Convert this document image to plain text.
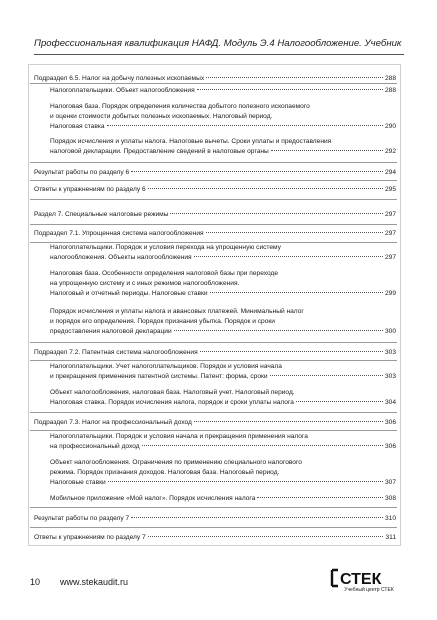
Профессиональная квалификация НАФД. Модуль Э.4 Налогообложение. Учебник
Подраздел 6.5. Налог на добычу полезных ископаемых	288
Налогоплательщики. Объект налогообложения	288
Налоговая база. Порядок определения количества добытого полезного ископаемого
и оценки стоимости добытых полезных ископаемых. Налоговый период.
Налоговая ставка	290
Порядок исчисления и уплаты налога. Налоговые вычеты. Сроки уплаты и предоставления
налоговой декларации. Предоставление сведений в налоговые органы	292
Результат работы по разделу 6	294
Ответы к упражнениям по разделу 6	295
Раздел 7. Специальные налоговые режимы	297
Подраздел 7.1. Упрощенная система налогообложения	297
Налогоплательщики. Порядок и условия перехода на упрощенную систему
налогообложения. Объекты налогообложения	297
Налоговая база. Особенности определения налоговой базы при переходе
на упрощенную систему и с иных режимов налогообложения.
Налоговый и отчетный периоды. Налоговые ставки	299
Порядок исчисления и уплаты налога и авансовых платежей. Минимальный налог
и порядок его определения. Порядок признания убытка. Порядок и сроки
предоставления налоговой декларации	300
Подраздел 7.2. Патентная система налогообложения	303
Налогоплательщики. Учет налогоплательщиков. Порядок и условия начала
и прекращения применения патентной системы. Патент: форма, сроки	303
Объект налогообложения, налоговая база. Налоговый учет. Налоговый период.
Налоговая ставка. Порядок исчисления налога, порядок и сроки уплаты налога	304
Подраздел 7.3. Налог на профессиональный доход	306
Налогоплательщики. Порядок и условия начала и прекращения применения налога
на профессиональный доход	306
Объект налогообложения. Ограничения по применению специального налогового
режима. Порядок признания доходов. Налоговая база. Налоговый период.
Налоговые ставки	307
Мобильное приложение «Мой налог». Порядок исчисления налога	308
Результат работы по разделу 7	310
Ответы к упражнениям по разделу 7	311
10 www.stekaudit.ru	СТЕК
Учебный центр СТЕК
